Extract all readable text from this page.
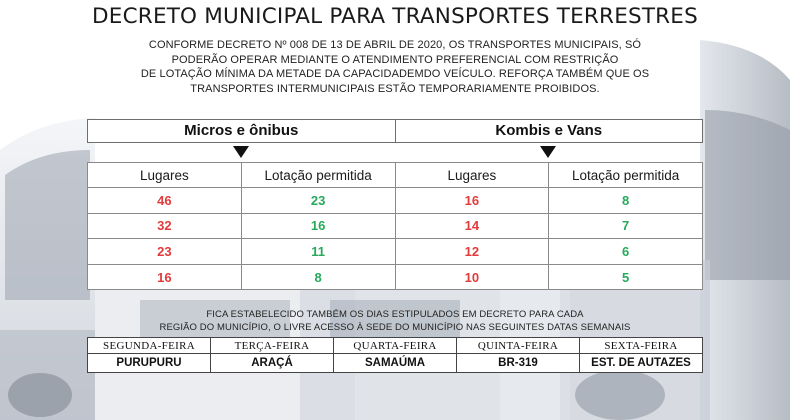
DECRETO MUNICIPAL PARA TRANSPORTES TERRESTRES
CONFORME DECRETO Nº 008 DE 13 DE ABRIL DE 2020, OS TRANSPORTES MUNICIPAIS, SÓ
PODERÃO OPERAR MEDIANTE O ATENDIMENTO PREFERENCIAL COM RESTRIÇÃO
DE LOTAÇÃO MÍNIMA DA METADE DA CAPACIDADEMDO VEÍCULO. REFORÇA TAMBÉM QUE OS
TRANSPORTES INTERMUNICIPAIS ESTÃO TEMPORARIAMENTE PROIBIDOS.
Micros e ônibus	Kombis e Vans
Lugares	Lotação permitida	Lugares	Lotação permitida
46	23	16	8
32	16	14	7
23	11	12	6
16	8	10	5
FICA ESTABELECIDO TAMBÉM OS DIAS ESTIPULADOS EM DECRETO PARA CADA
REGIÃO DO MUNICÍPIO, O LIVRE ACESSO À SEDE DO MUNICÍPIO NAS SEGUINTES DATAS SEMANAIS
SEGUNDA-FEIRA	TERÇA-FEIRA	QUARTA-FEIRA	QUINTA-FEIRA	SEXTA-FEIRA
PURUPURU	ARAÇÁ	SAMAÚMA	BR-319	EST. DE AUTAZES
